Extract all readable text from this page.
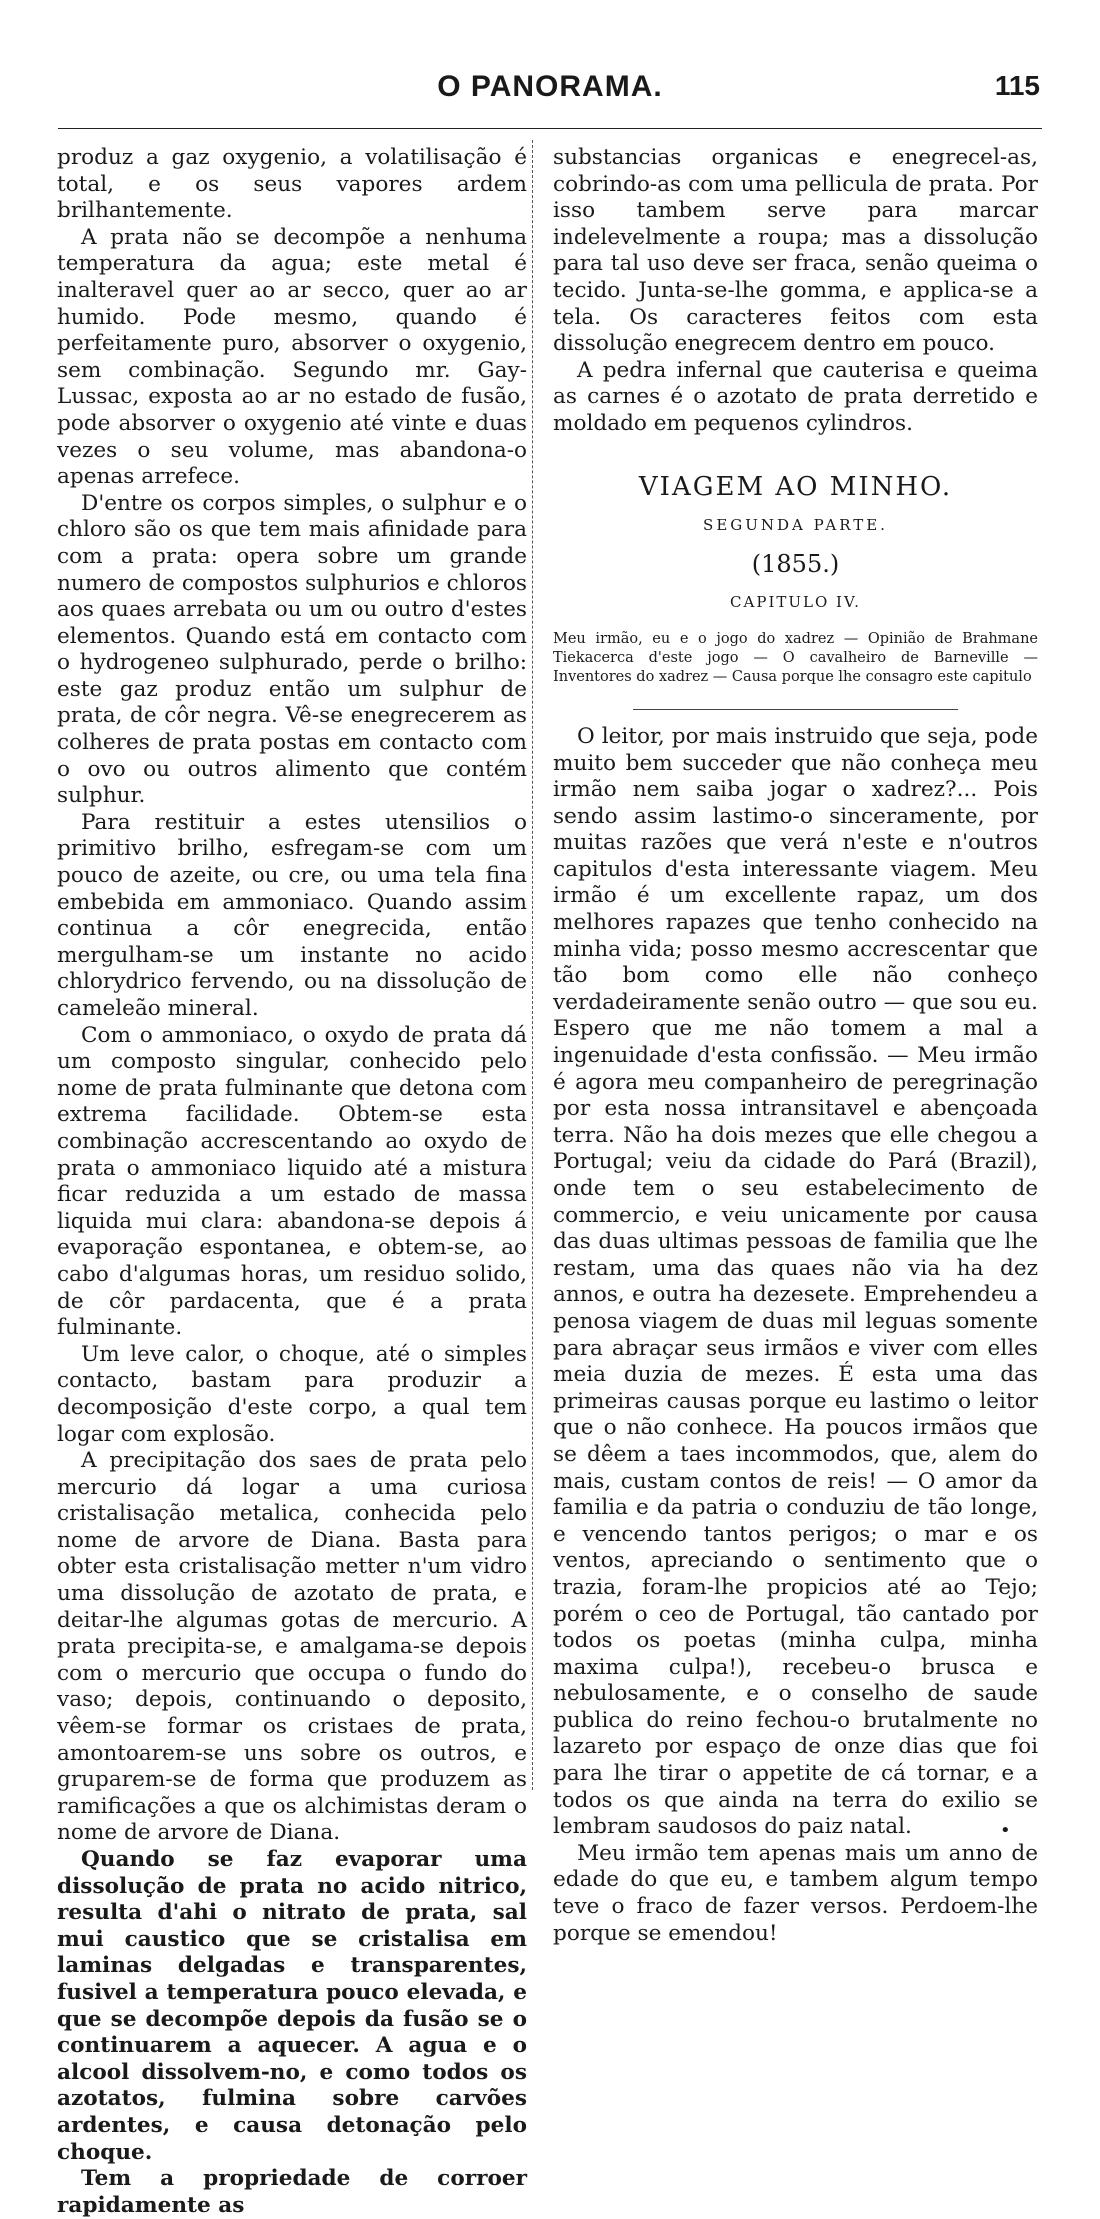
O PANORAMA.	115

produz a gaz oxygenio, a volatilisação é total, e os seus vapores ardem brilhantemente.

A prata não se decompõe a nenhuma temperatura da agua; este metal é inalteravel quer ao ar secco, quer ao ar humido. Pode mesmo, quando é perfeitamente puro, absorver o oxygenio, sem combinação. Segundo mr. Gay-Lussac, exposta ao ar no estado de fusão, pode absorver o oxygenio até vinte e duas vezes o seu volume, mas abandona-o apenas arrefece.

D'entre os corpos simples, o sulphur e o chloro são os que tem mais afinidade para com a prata: opera sobre um grande numero de compostos sulphurios e chloros aos quaes arrebata ou um ou outro d'estes elementos. Quando está em contacto com o hydrogeneo sulphurado, perde o brilho: este gaz produz então um sulphur de prata, de côr negra. Vê-se enegrecerem as colheres de prata postas em contacto com o ovo ou outros alimento que contém sulphur.

Para restituir a estes utensilios o primitivo brilho, esfregam-se com um pouco de azeite, ou cre, ou uma tela fina embebida em ammoniaco. Quando assim continua a côr enegrecida, então mergulham-se um instante no acido chlorydrico fervendo, ou na dissolução de cameleão mineral.

Com o ammoniaco, o oxydo de prata dá um composto singular, conhecido pelo nome de prata fulminante que detona com extrema facilidade. Obtem-se esta combinação accrescentando ao oxydo de prata o ammoniaco liquido até a mistura ficar reduzida a um estado de massa liquida mui clara: abandona-se depois á evaporação espontanea, e obtem-se, ao cabo d'algumas horas, um residuo solido, de côr pardacenta, que é a prata fulminante.

Um leve calor, o choque, até o simples contacto, bastam para produzir a decomposição d'este corpo, a qual tem logar com explosão.

A precipitação dos saes de prata pelo mercurio dá logar a uma curiosa cristalisação metalica, conhecida pelo nome de arvore de Diana. Basta para obter esta cristalisação metter n'um vidro uma dissolução de azotato de prata, e deitar-lhe algumas gotas de mercurio. A prata precipita-se, e amalgama-se depois com o mercurio que occupa o fundo do vaso; depois, continuando o deposito, vêem-se formar os cristaes de prata, amontoarem-se uns sobre os outros, e gruparem-se de forma que produzem as ramificações a que os alchimistas deram o nome de arvore de Diana.

Quando se faz evaporar uma dissolução de prata no acido nitrico, resulta d'ahi o nitrato de prata, sal mui caustico que se cristalisa em laminas delgadas e transparentes, fusivel a temperatura pouco elevada, e que se decompõe depois da fusão se o continuarem a aquecer. A agua e o alcool dissolvem-no, e como todos os azotatos, fulmina sobre carvões ardentes, e causa detonação pelo choque.

Tem a propriedade de corroer rapidamente as

substancias organicas e enegrecel-as, cobrindo-as com uma pellicula de prata. Por isso tambem serve para marcar indelevelmente a roupa; mas a dissolução para tal uso deve ser fraca, senão queima o tecido. Junta-se-lhe gomma, e applica-se a tela. Os caracteres feitos com esta dissolução enegrecem dentro em pouco.

A pedra infernal que cauterisa e queima as carnes é o azotato de prata derretido e moldado em pequenos cylindros.

VIAGEM AO MINHO.
SEGUNDA PARTE.
(1855.)
CAPITULO IV.
Meu irmão, eu e o jogo do xadrez — Opinião de Brahmane Tiekacerca d'este jogo — O cavalheiro de Barneville — Inventores do xadrez — Causa porque lhe consagro este capitulo

O leitor, por mais instruido que seja, pode muito bem succeder que não conheça meu irmão nem saiba jogar o xadrez?... Pois sendo assim lastimo-o sinceramente, por muitas razões que verá n'este e n'outros capitulos d'esta interessante viagem. Meu irmão é um excellente rapaz, um dos melhores rapazes que tenho conhecido na minha vida; posso mesmo accrescentar que tão bom como elle não conheço verdadeiramente senão outro — que sou eu. Espero que me não tomem a mal a ingenuidade d'esta confissão. — Meu irmão é agora meu companheiro de peregrinação por esta nossa intransitavel e abençoada terra. Não ha dois mezes que elle chegou a Portugal; veiu da cidade do Pará (Brazil), onde tem o seu estabelecimento de commercio, e veiu unicamente por causa das duas ultimas pessoas de familia que lhe restam, uma das quaes não via ha dez annos, e outra ha dezesete. Emprehendeu a penosa viagem de duas mil leguas somente para abraçar seus irmãos e viver com elles meia duzia de mezes. É esta uma das primeiras causas porque eu lastimo o leitor que o não conhece. Ha poucos irmãos que se dêem a taes incommodos, que, alem do mais, custam contos de reis! — O amor da familia e da patria o conduziu de tão longe, e vencendo tantos perigos; o mar e os ventos, apreciando o sentimento que o trazia, foram-lhe propicios até ao Tejo; porém o ceo de Portugal, tão cantado por todos os poetas (minha culpa, minha maxima culpa!), recebeu-o brusca e nebulosamente, e o conselho de saude publica do reino fechou-o brutalmente no lazareto por espaço de onze dias que foi para lhe tirar o appetite de cá tornar, e a todos os que ainda na terra do exilio se lembram saudosos do paiz natal.

Meu irmão tem apenas mais um anno de edade do que eu, e tambem algum tempo teve o fraco de fazer versos. Perdoem-lhe porque se emendou!

•
